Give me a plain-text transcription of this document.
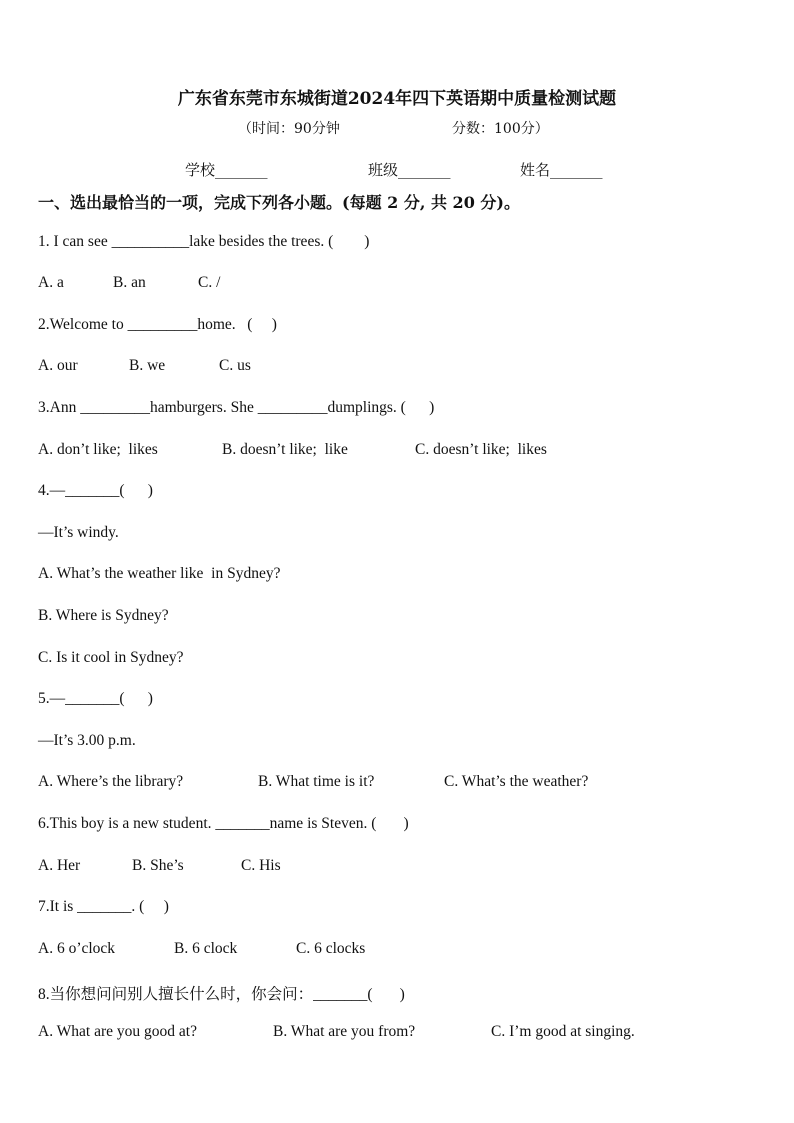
广东省东莞市东城街道2024年四下英语期中质量检测试题
（时间：90分钟	分数：100分）
学校_______	班级_______	姓名_______
一、选出最恰当的一项，完成下列各小题。(每题 2 分, 共 20 分)。
1. I can see __________lake besides the trees. (        )
A. a	B. an	C. /
2.Welcome to _________home.   (     )
A. our	B. we	C. us
3.Ann _________hamburgers. She _________dumplings. (      )
A. don’t like;  likes	B. doesn’t like;  like	C. doesn’t like;  likes
4.—_______(      )
—It’s windy.
A. What’s the weather like  in Sydney?
B. Where is Sydney?
C. Is it cool in Sydney?
5.—_______(      )
—It’s 3.00 p.m.
A. Where’s the library?	B. What time is it?	C. What’s the weather?
6.This boy is a new student. _______name is Steven. (       )
A. Her	B. She’s	C. His
7.It is _______. (     )
A. 6 o’clock	B. 6 clock	C. 6 clocks
8.当你想问问别人擅长什么时，你会问：_______(       )
A. What are you good at?	B. What are you from?	C. I’m good at singing.
